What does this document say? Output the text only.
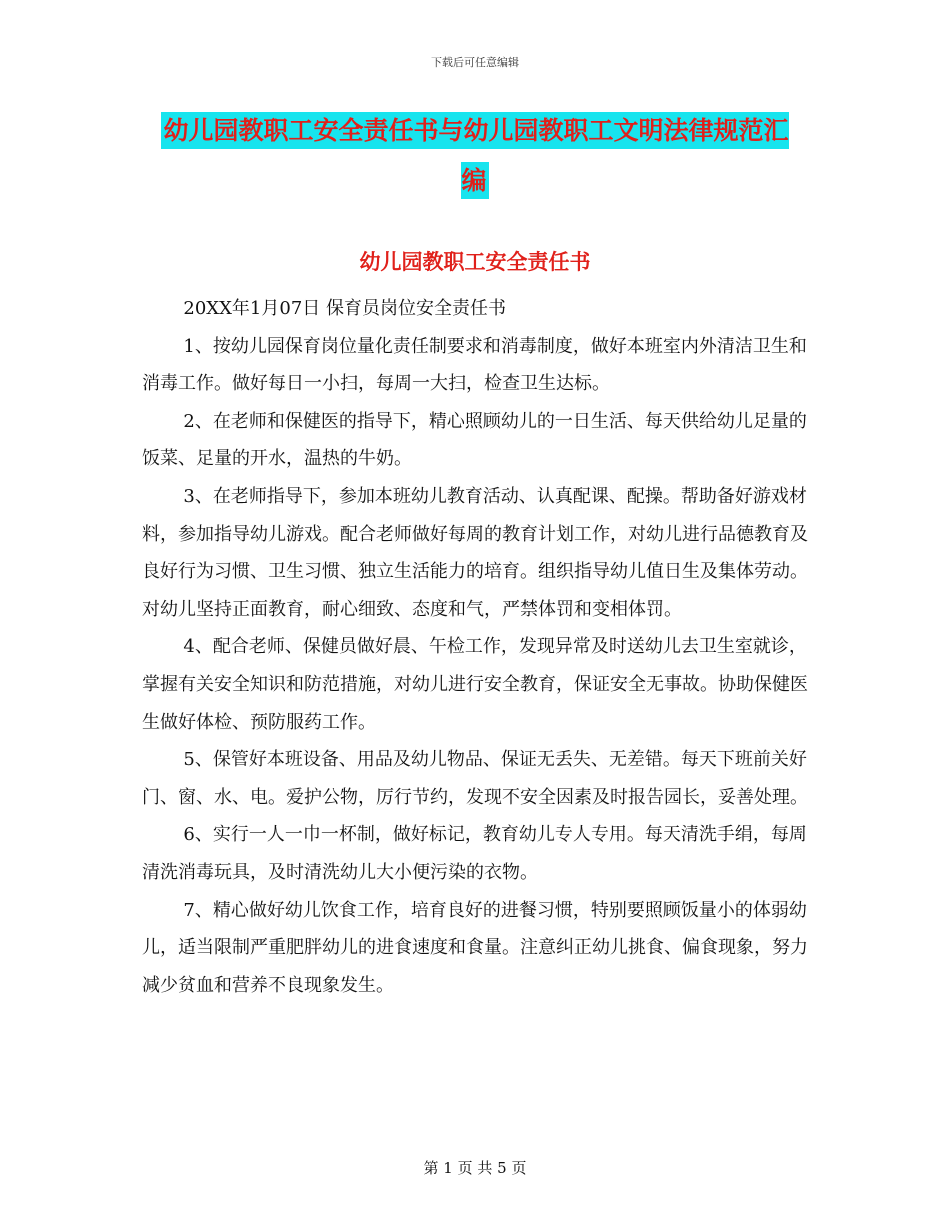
下载后可任意编辑
幼儿园教职工安全责任书与幼儿园教职工文明法律规范汇编
幼儿园教职工安全责任书

20XX年1月07日 保育员岗位安全责任书

1、按幼儿园保育岗位量化责任制要求和消毒制度，做好本班室内外清洁卫生和消毒工作。做好每日一小扫，每周一大扫，检查卫生达标。

2、在老师和保健医的指导下，精心照顾幼儿的一日生活、每天供给幼儿足量的饭菜、足量的开水，温热的牛奶。

3、在老师指导下，参加本班幼儿教育活动、认真配课、配操。帮助备好游戏材料，参加指导幼儿游戏。配合老师做好每周的教育计划工作，对幼儿进行品德教育及良好行为习惯、卫生习惯、独立生活能力的培育。组织指导幼儿值日生及集体劳动。对幼儿坚持正面教育，耐心细致、态度和气，严禁体罚和变相体罚。

4、配合老师、保健员做好晨、午检工作，发现异常及时送幼儿去卫生室就诊，掌握有关安全知识和防范措施，对幼儿进行安全教育，保证安全无事故。协助保健医生做好体检、预防服药工作。

5、保管好本班设备、用品及幼儿物品、保证无丢失、无差错。每天下班前关好门、窗、水、电。爱护公物，厉行节约，发现不安全因素及时报告园长，妥善处理。

6、实行一人一巾一杯制，做好标记，教育幼儿专人专用。每天清洗手绢，每周清洗消毒玩具，及时清洗幼儿大小便污染的衣物。

7、精心做好幼儿饮食工作，培育良好的进餐习惯，特别要照顾饭量小的体弱幼儿，适当限制严重肥胖幼儿的进食速度和食量。注意纠正幼儿挑食、偏食现象，努力减少贫血和营养不良现象发生。

第 1 页 共 5 页
